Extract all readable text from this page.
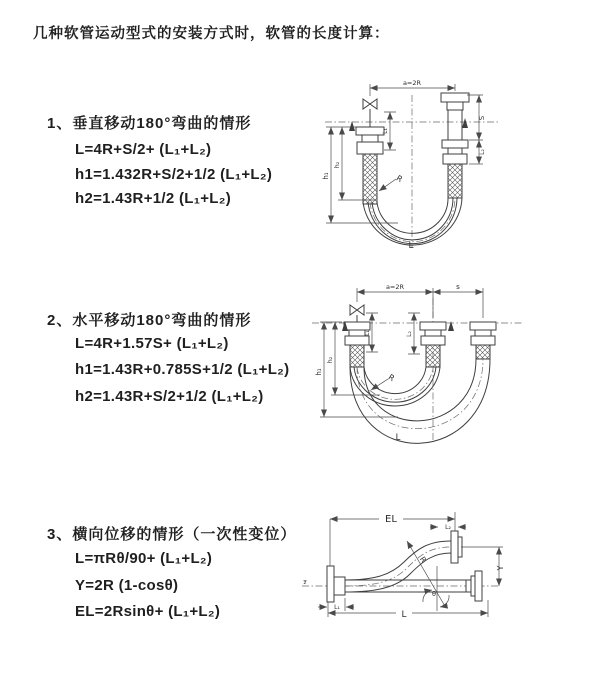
几种软管运动型式的安装方式时，软管的长度计算：
1、垂直移动180°弯曲的情形
L=4R+S/2+ (L₁+L₂)
h1=1.432R+S/2+1/2 (L₁+L₂)
h2=1.43R+1/2 (L₁+L₂)
2、水平移动180°弯曲的情形
L=4R+1.57S+ (L₁+L₂)
h1=1.43R+0.785S+1/2 (L₁+L₂)
h2=1.43R+S/2+1/2 (L₁+L₂)
3、横向位移的情形（一次性变位）
L=πRθ/90+ (L₁+L₂)
Y=2R (1-cosθ)
EL=2Rsinθ+ (L₁+L₂)
a=2R
S
L₂
L₁
h₁
h₂
R
L
a=2R	s
h₁
h₂
L₁	L₂
R
L
EL
L₂
Y
R
θ
L₁
L
z
